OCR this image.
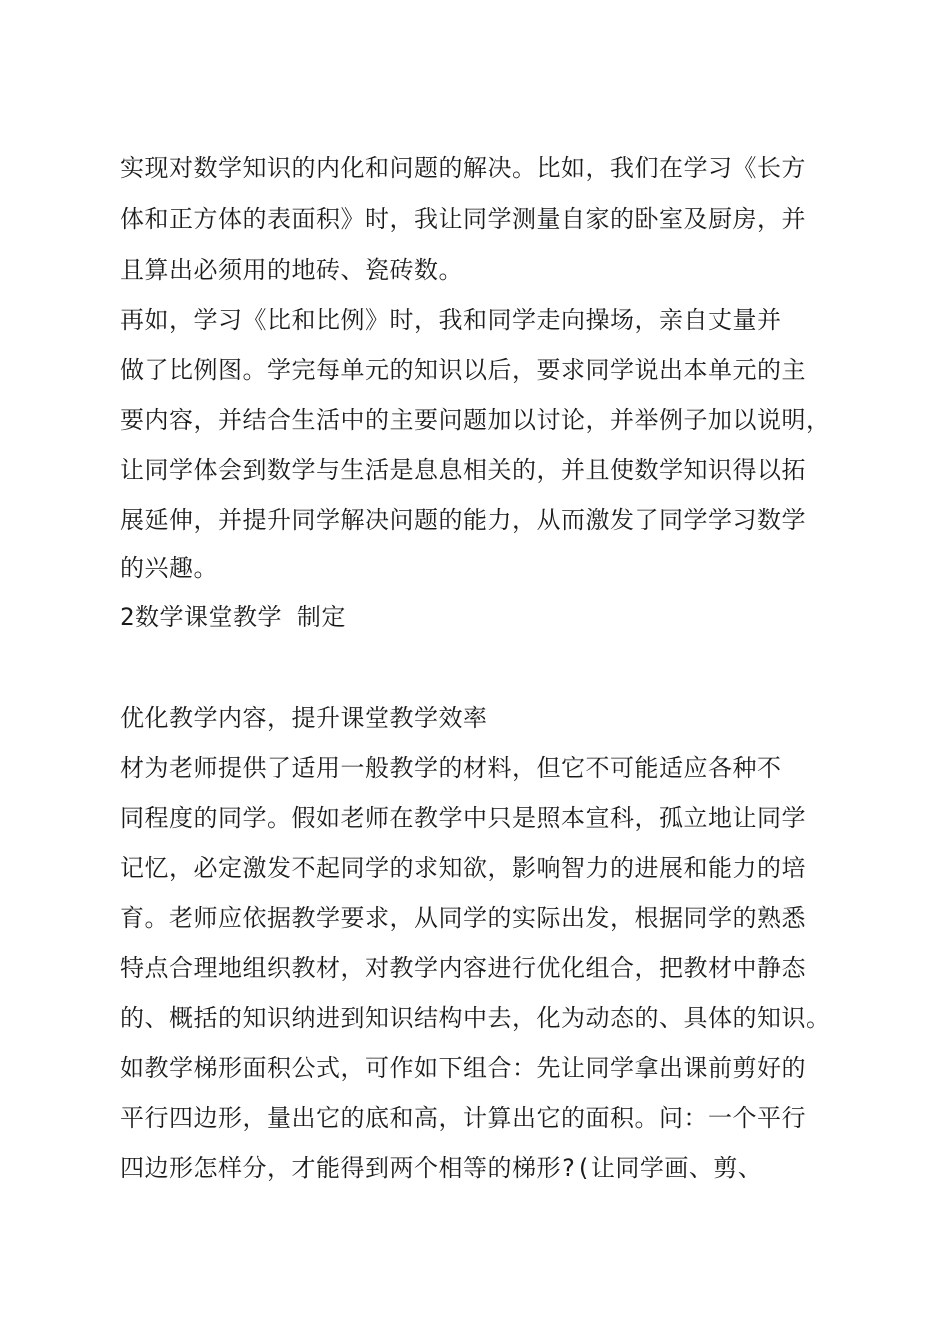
实现对数学知识的内化和问题的解决。比如，我们在学习《长方
体和正方体的表面积》时，我让同学测量自家的卧室及厨房，并
且算出必须用的地砖、瓷砖数。
再如，学习《比和比例》时，我和同学走向操场，亲自丈量并
做了比例图。学完每单元的知识以后，要求同学说出本单元的主
要内容，并结合生活中的主要问题加以讨论，并举例子加以说明，
让同学体会到数学与生活是息息相关的，并且使数学知识得以拓
展延伸，并提升同学解决问题的能力，从而激发了同学学习数学
的兴趣。
2数学课堂教学 制定
优化教学内容，提升课堂教学效率
材为老师提供了适用一般教学的材料，但它不可能适应各种不
同程度的同学。假如老师在教学中只是照本宣科，孤立地让同学
记忆，必定激发不起同学的求知欲，影响智力的进展和能力的培
育。老师应依据教学要求，从同学的实际出发，根据同学的熟悉
特点合理地组织教材，对教学内容进行优化组合，把教材中静态
的、概括的知识纳进到知识结构中去，化为动态的、具体的知识。
如教学梯形面积公式，可作如下组合：先让同学拿出课前剪好的
平行四边形，量出它的底和高，计算出它的面积。问：一个平行
四边形怎样分，才能得到两个相等的梯形?(让同学画、剪、
